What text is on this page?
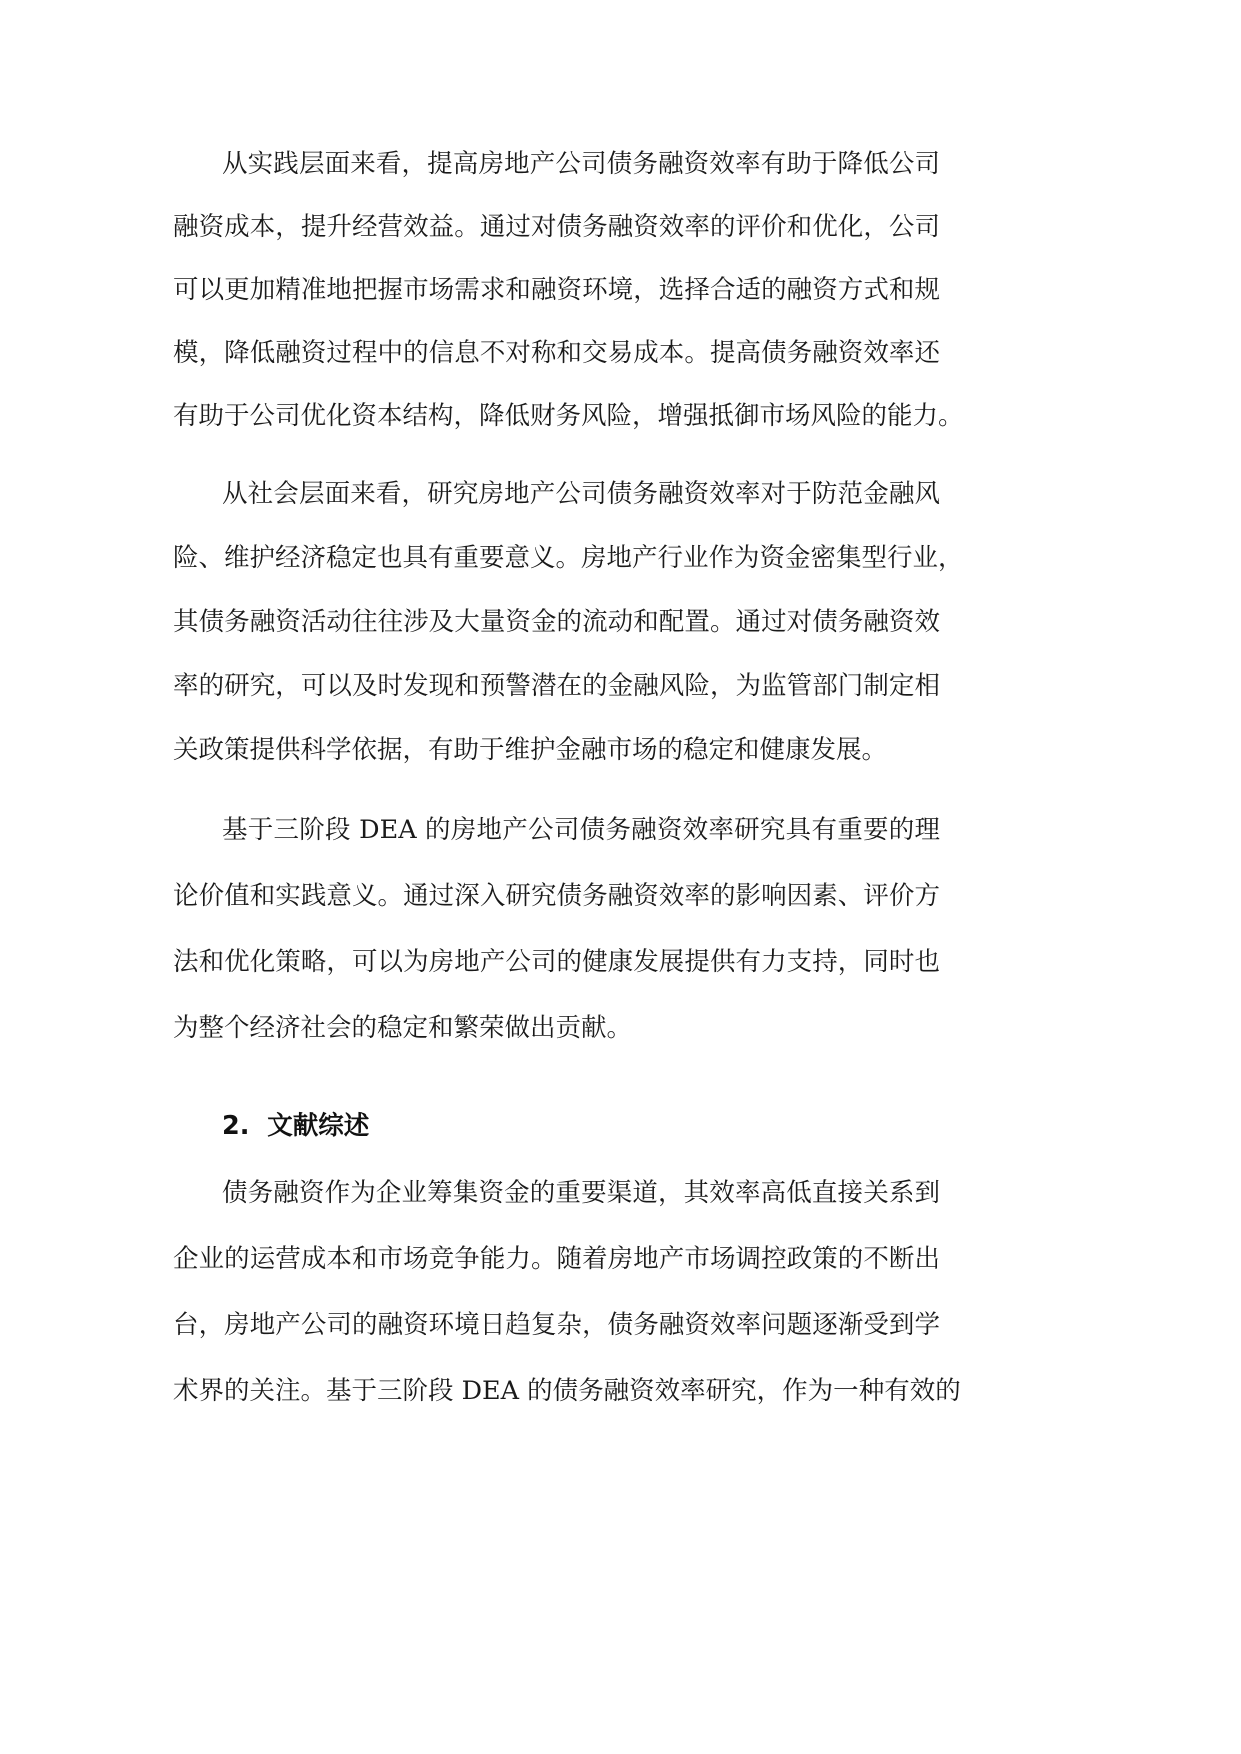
从实践层面来看，提高房地产公司债务融资效率有助于降低公司
融资成本，提升经营效益。通过对债务融资效率的评价和优化，公司
可以更加精准地把握市场需求和融资环境，选择合适的融资方式和规
模，降低融资过程中的信息不对称和交易成本。提高债务融资效率还
有助于公司优化资本结构，降低财务风险，增强抵御市场风险的能力。
从社会层面来看，研究房地产公司债务融资效率对于防范金融风
险、维护经济稳定也具有重要意义。房地产行业作为资金密集型行业，
其债务融资活动往往涉及大量资金的流动和配置。通过对债务融资效
率的研究，可以及时发现和预警潜在的金融风险，为监管部门制定相
关政策提供科学依据，有助于维护金融市场的稳定和健康发展。
基于三阶段 DEA 的房地产公司债务融资效率研究具有重要的理
论价值和实践意义。通过深入研究债务融资效率的影响因素、评价方
法和优化策略，可以为房地产公司的健康发展提供有力支持，同时也
为整个经济社会的稳定和繁荣做出贡献。
2. 文献综述
债务融资作为企业筹集资金的重要渠道，其效率高低直接关系到
企业的运营成本和市场竞争能力。随着房地产市场调控政策的不断出
台，房地产公司的融资环境日趋复杂，债务融资效率问题逐渐受到学
术界的关注。基于三阶段 DEA 的债务融资效率研究，作为一种有效的
